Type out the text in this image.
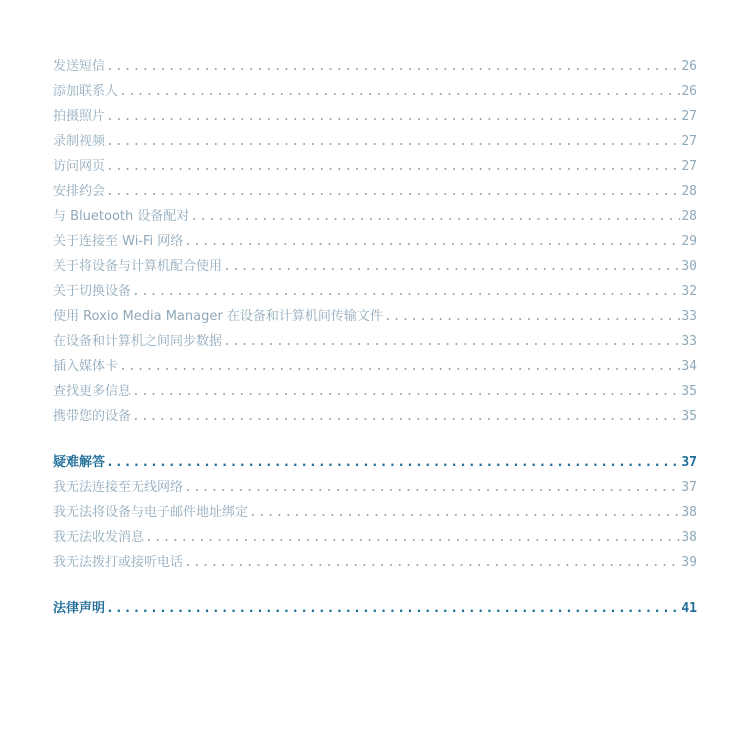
发送短信 .....	26
添加联系人 .....	26
拍摄照片 .....	27
录制视频 .....	27
访问网页 .....	27
安排约会 .....	28
与 Bluetooth 设备配对 .....	28
关于连接至 Wi-Fi 网络 .....	29
关于将设备与计算机配合使用 .....	30
关于切换设备 .....	32
使用 Roxio Media Manager 在设备和计算机间传输文件 .....	33
在设备和计算机之间同步数据 .....	33
插入媒体卡 .....	34
查找更多信息 .....	35
携带您的设备 .....	35
疑难解答 .....	37
我无法连接至无线网络 .....	37
我无法将设备与电子邮件地址绑定 .....	38
我无法收发消息 .....	38
我无法拨打或接听电话 .....	39
法律声明 .....	41
